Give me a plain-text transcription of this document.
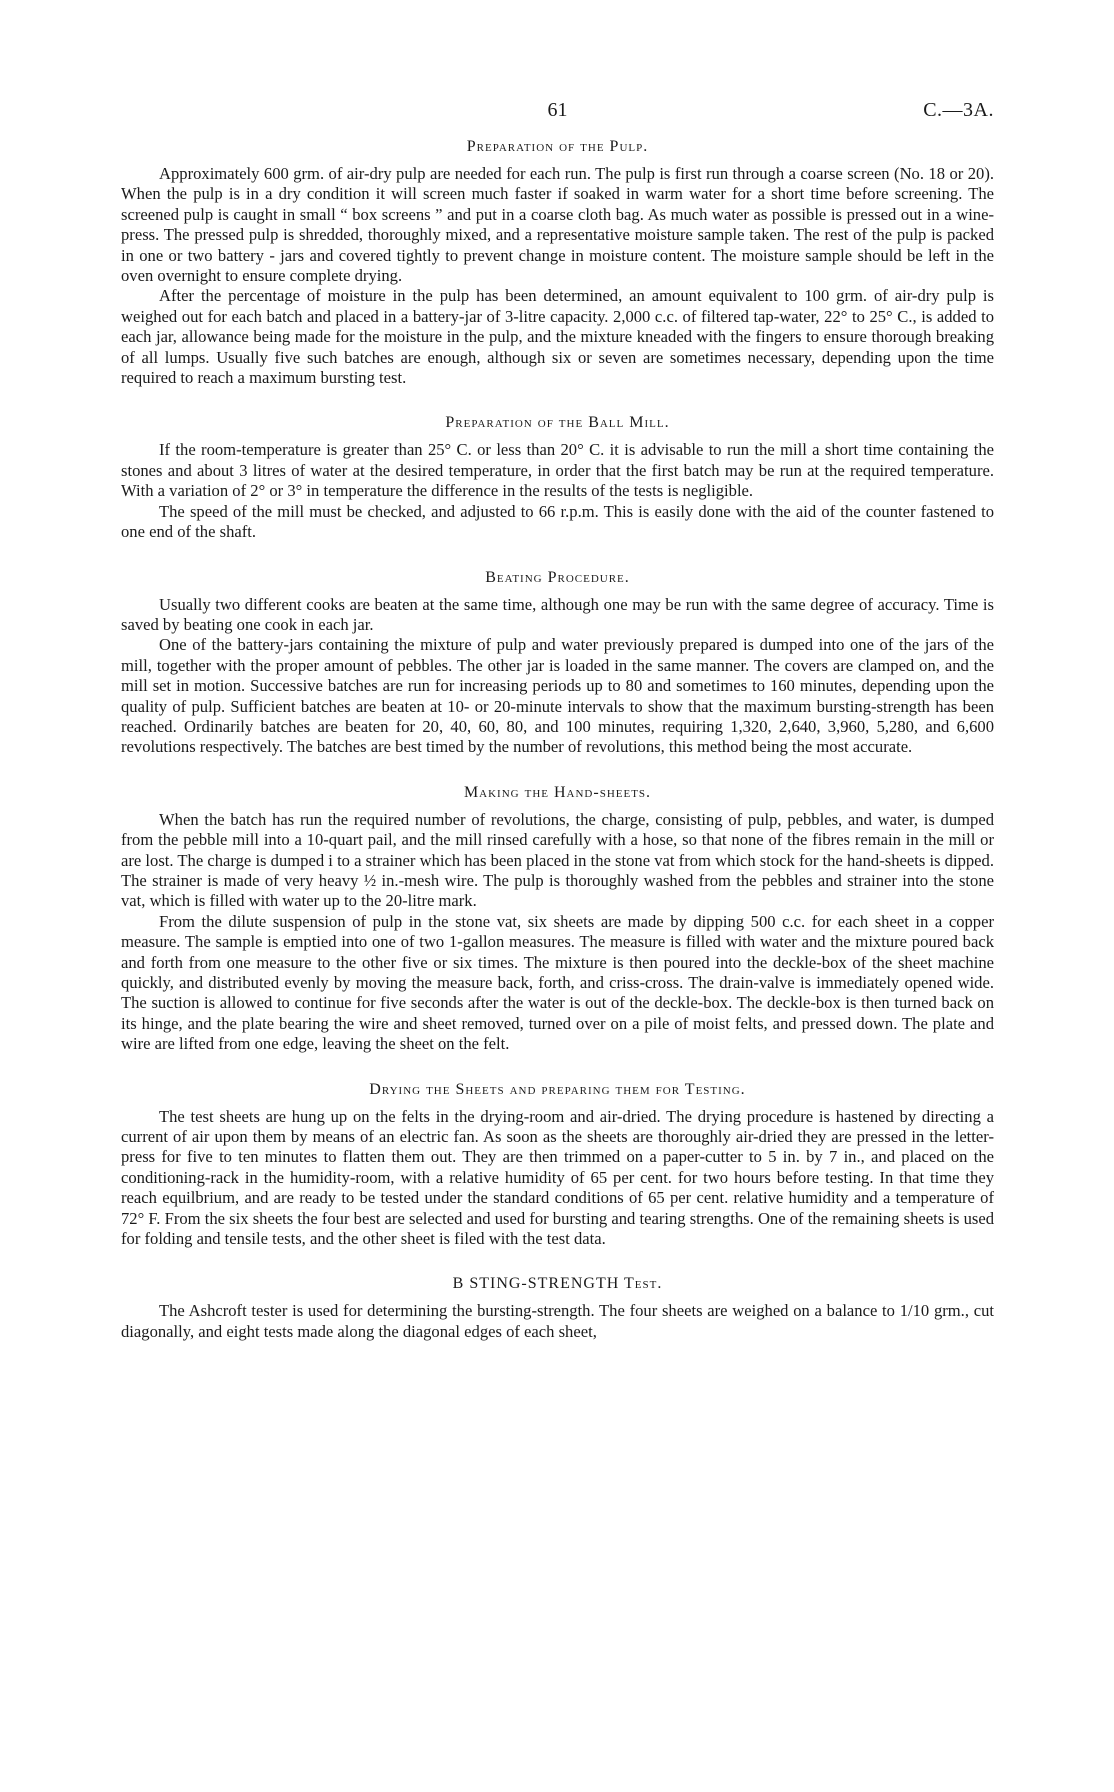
61	C.—3A.
Preparation of the Pulp.

Approximately 600 grm. of air-dry pulp are needed for each run. The pulp is first run through a coarse screen (No. 18 or 20). When the pulp is in a dry condition it will screen much faster if soaked in warm water for a short time before screening. The screened pulp is caught in small “ box screens ” and put in a coarse cloth bag. As much water as possible is pressed out in a wine-press. The pressed pulp is shredded, thoroughly mixed, and a representative moisture sample taken. The rest of the pulp is packed in one or two battery - jars and covered tightly to prevent change in moisture content. The moisture sample should be left in the oven overnight to ensure complete drying.

After the percentage of moisture in the pulp has been determined, an amount equivalent to 100 grm. of air-dry pulp is weighed out for each batch and placed in a battery-jar of 3-litre capacity. 2,000 c.c. of filtered tap-water, 22° to 25° C., is added to each jar, allowance being made for the moisture in the pulp, and the mixture kneaded with the fingers to ensure thorough breaking of all lumps. Usually five such batches are enough, although six or seven are sometimes necessary, depending upon the time required to reach a maximum bursting test.

Preparation of the Ball Mill.

If the room-temperature is greater than 25° C. or less than 20° C. it is advisable to run the mill a short time containing the stones and about 3 litres of water at the desired temperature, in order that the first batch may be run at the required temperature. With a variation of 2° or 3° in temperature the difference in the results of the tests is negligible.

The speed of the mill must be checked, and adjusted to 66 r.p.m. This is easily done with the aid of the counter fastened to one end of the shaft.

Beating Procedure.

Usually two different cooks are beaten at the same time, although one may be run with the same degree of accuracy. Time is saved by beating one cook in each jar.

One of the battery-jars containing the mixture of pulp and water previously prepared is dumped into one of the jars of the mill, together with the proper amount of pebbles. The other jar is loaded in the same manner. The covers are clamped on, and the mill set in motion. Successive batches are run for increasing periods up to 80 and sometimes to 160 minutes, depending upon the quality of pulp. Sufficient batches are beaten at 10- or 20-minute intervals to show that the maximum bursting-strength has been reached. Ordinarily batches are beaten for 20, 40, 60, 80, and 100 minutes, requiring 1,320, 2,640, 3,960, 5,280, and 6,600 revolutions respectively. The batches are best timed by the number of revolutions, this method being the most accurate.

Making the Hand-sheets.

When the batch has run the required number of revolutions, the charge, consisting of pulp, pebbles, and water, is dumped from the pebble mill into a 10-quart pail, and the mill rinsed carefully with a hose, so that none of the fibres remain in the mill or are lost. The charge is dumped i to a strainer which has been placed in the stone vat from which stock for the hand-sheets is dipped. The strainer is made of very heavy ½ in.-mesh wire. The pulp is thoroughly washed from the pebbles and strainer into the stone vat, which is filled with water up to the 20-litre mark.

From the dilute suspension of pulp in the stone vat, six sheets are made by dipping 500 c.c. for each sheet in a copper measure. The sample is emptied into one of two 1-gallon measures. The measure is filled with water and the mixture poured back and forth from one measure to the other five or six times. The mixture is then poured into the deckle-box of the sheet machine quickly, and distributed evenly by moving the measure back, forth, and criss-cross. The drain-valve is immediately opened wide. The suction is allowed to continue for five seconds after the water is out of the deckle-box. The deckle-box is then turned back on its hinge, and the plate bearing the wire and sheet removed, turned over on a pile of moist felts, and pressed down. The plate and wire are lifted from one edge, leaving the sheet on the felt.

Drying the Sheets and preparing them for Testing.

The test sheets are hung up on the felts in the drying-room and air-dried. The drying procedure is hastened by directing a current of air upon them by means of an electric fan. As soon as the sheets are thoroughly air-dried they are pressed in the letter-press for five to ten minutes to flatten them out. They are then trimmed on a paper-cutter to 5 in. by 7 in., and placed on the conditioning-rack in the humidity-room, with a relative humidity of 65 per cent. for two hours before testing. In that time they reach equilbrium, and are ready to be tested under the standard conditions of 65 per cent. relative humidity and a temperature of 72° F. From the six sheets the four best are selected and used for bursting and tearing strengths. One of the remaining sheets is used for folding and tensile tests, and the other sheet is filed with the test data.

B STING-STRENGTH Test.

The Ashcroft tester is used for determining the bursting-strength. The four sheets are weighed on a balance to 1/10 grm., cut diagonally, and eight tests made along the diagonal edges of each sheet,
